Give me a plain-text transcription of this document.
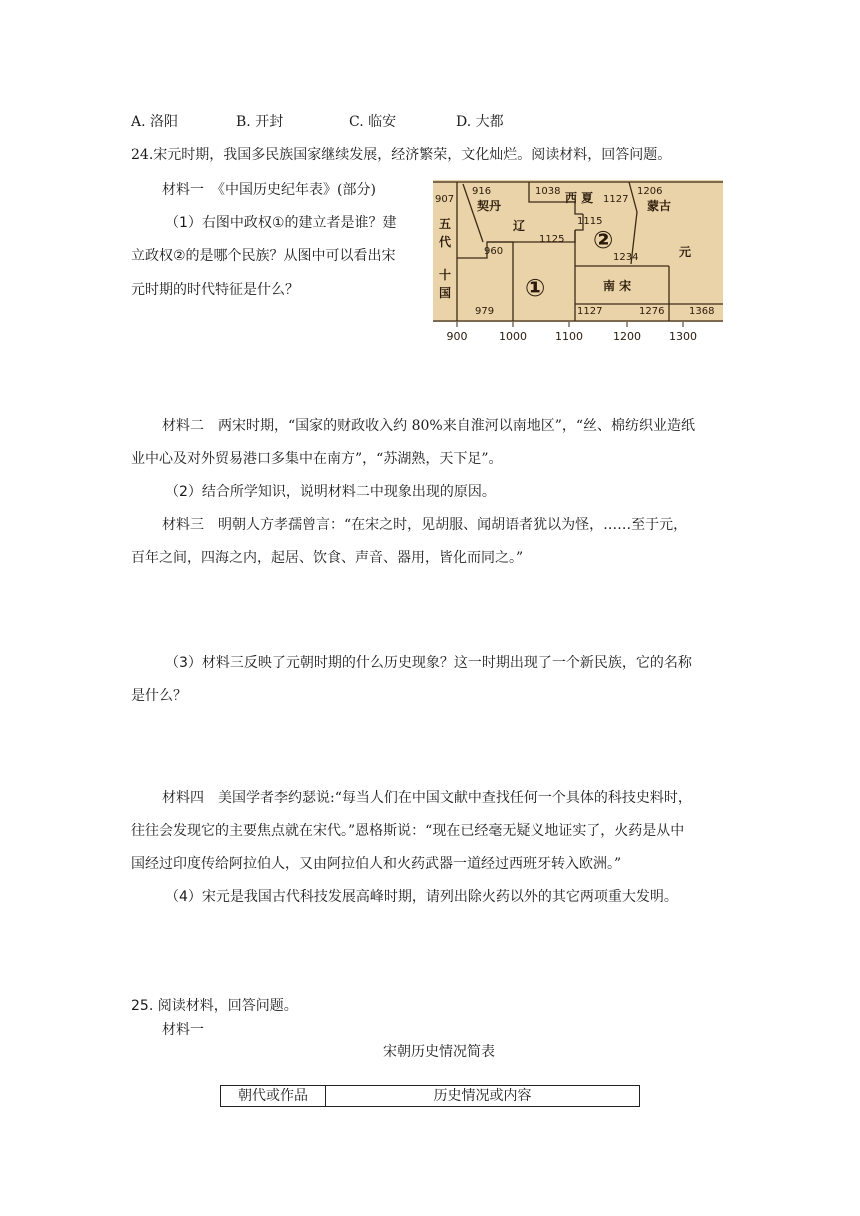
A. 洛阳	B. 开封	C. 临安	D. 大都
24.宋元时期，我国多民族国家继续发展，经济繁荣，文化灿烂。阅读材料，回答问题。
材料一　《中国历史纪年表》(部分)
（1）右图中政权①的建立者是谁？建
立政权②的是哪个民族？从图中可以看出宋
元时期的时代特征是什么？
907
916
960
979
1038
1115
1125
1127
1127
1206
1234
1276 1368
契丹
五
代
十
国
辽
西 夏
蒙古
元
南 宋
①
②
900	1000	1100	1200	1300
材料二　两宋时期，“国家的财政收入约 80%来自淮河以南地区”，“丝、棉纺织业造纸
业中心及对外贸易港口多集中在南方”，“苏湖熟，天下足”。
（2）结合所学知识，说明材料二中现象出现的原因。
材料三　明朝人方孝孺曾言：“在宋之时，见胡服、闻胡语者犹以为怪，……至于元，
百年之间，四海之内，起居、饮食、声音、器用，皆化而同之。”
（3）材料三反映了元朝时期的什么历史现象？这一时期出现了一个新民族，它的名称
是什么？
材料四　美国学者李约瑟说:“每当人们在中国文献中查找任何一个具体的科技史料时，
往往会发现它的主要焦点就在宋代。”恩格斯说：“现在已经毫无疑义地证实了，火药是从中
国经过印度传给阿拉伯人，又由阿拉伯人和火药武器一道经过西班牙转入欧洲。”
（4）宋元是我国古代科技发展高峰时期，请列出除火药以外的其它两项重大发明。
25. 阅读材料，回答问题。
材料一
宋朝历史情况简表
朝代或作品	历史情况或内容
